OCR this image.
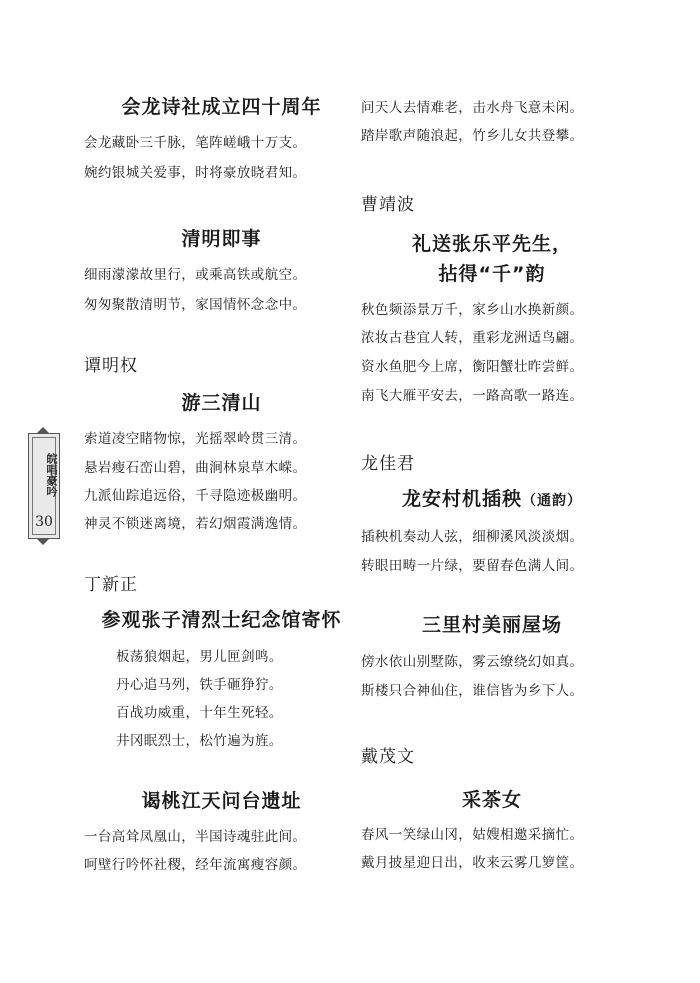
皖唱豪吟
30
会龙诗社成立四十周年
会龙藏卧三千脉，笔阵嵯峨十万支。
婉约银城关爱事，时将豪放晓君知。
清明即事
细雨濛濛故里行，或乘高铁或航空。
匆匆聚散清明节，家国情怀念念中。
谭明权
游三清山
索道凌空睹物惊，光摇翠岭贯三清。
悬岩瘦石峦山碧，曲涧林泉草木嵘。
九派仙踪追远俗，千寻隐迹极幽明。
神灵不锁迷离境，若幻烟霞满逸情。
丁新正
参观张子清烈士纪念馆寄怀
板荡狼烟起，男儿匣剑鸣。
丹心追马列，铁手砸狰狞。
百战功威重，十年生死轻。
井冈眠烈士，松竹遍为旌。
谒桃江天问台遗址
一台高耸凤凰山，半国诗魂驻此间。
呵壁行吟怀社稷，经年流寓瘦容颜。
问天人去情难老，击水舟飞意未闲。
踏岸歌声随浪起，竹乡儿女共登攀。
曹靖波
礼送张乐平先生，
拈得“千”韵
秋色频添景万千，家乡山水换新颜。
浓妆古巷宜人转，重彩龙洲适鸟翩。
资水鱼肥今上席，衡阳蟹壮昨尝鲜。
南飞大雁平安去，一路高歌一路连。
龙佳君
龙安村机插秧（通韵）
插秧机奏动人弦，细柳溪风淡淡烟。
转眼田畴一片绿，要留春色满人间。
三里村美丽屋场
傍水依山别墅陈，雾云缭绕幻如真。
斯楼只合神仙住，谁信皆为乡下人。
戴茂文
采茶女
春风一笑绿山冈，姑嫂相邀采摘忙。
戴月披星迎日出，收来云雾几箩筐。
